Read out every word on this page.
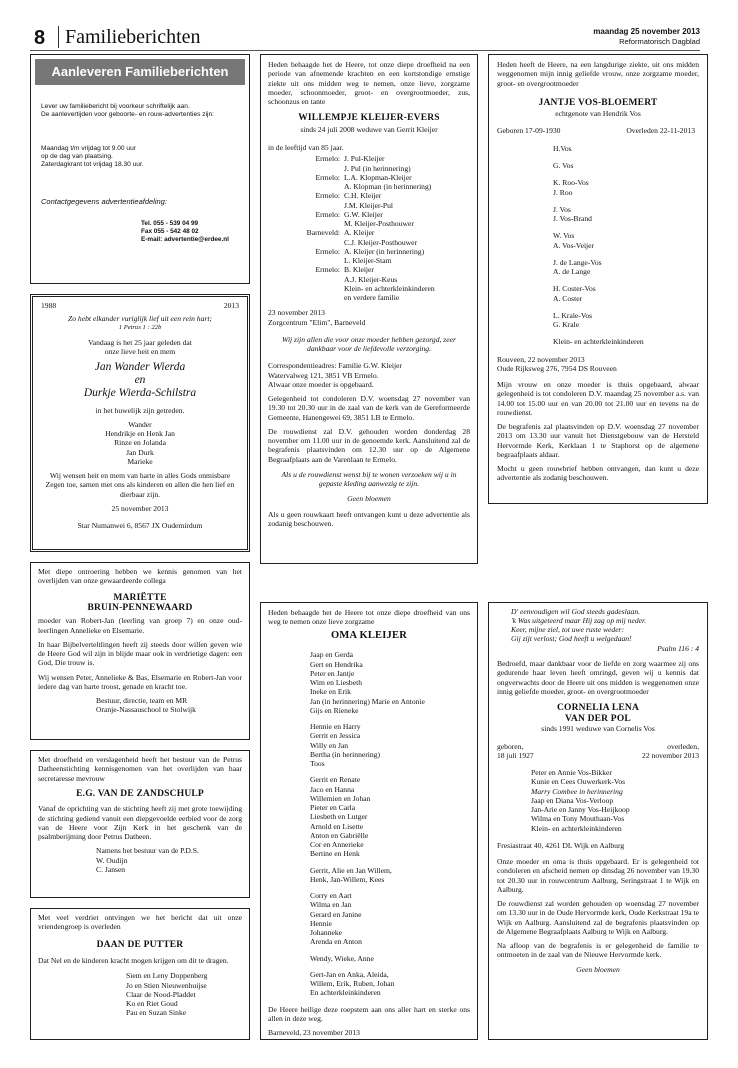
8 Familieberichten	maandag 25 november 2013
Reformatorisch Dagblad
Aanleveren Familieberichten
Lever uw familiebericht bij voorkeur schriftelijk aan.
De aanlevertijden voor geboorte- en rouw-advertenties zijn:
Maandag t/m vrijdag tot 9.00 uur
op de dag van plaatsing.
Zaterdagkrant tot vrijdag 18.30 uur.
Contactgegevens advertentieafdeling:
Tel. 055 - 539 04 99
Fax 055 - 542 48 02
E-mail: advertentie@erdee.nl
1988	2013
Zo hebt elkander vuriglijk lief uit een rein hart;
1 Petrus 1 : 22b
Vandaag is het 25 jaar geleden dat
onze lieve heit en mem
Jan Wander Wierda
en
Durkje Wierda-Schilstra
in het huwelijk zijn getreden.
Wander
Hendrikje en Henk Jan
Rinze en Jolanda
Jan Durk
Marieke
Wij wensen heit en mem van harte in alles Gods onmisbare Zegen toe, samen met ons als kinderen en allen die hen lief en dierbaar zijn.
25 november 2013
Star Numanwei 6, 8567 JX Oudemirdum
Met diepe ontroering hebben we kennis genomen van het overlijden van onze gewaardeerde collega
MARIËTTE
BRUIN-PENNEWAARD

moeder van Robert-Jan (leerling van groep 7) en onze oud-leerlingen Annelieke en Elsemarie.

In haar Bijbelverteltlingen heeft zij steeds door willen geven wie de Heere God wil zijn in blijde maar ook in verdrietige dagen: een God, Die trouw is.

Wij wensen Peter, Annelieke & Bas, Elsemarie en Robert-Jan voor iedere dag van harte troost, genade en kracht toe.

Bestuur, directie, team en MR
Oranje-Nassauschool te Stolwijk
Met droefheid en verslagenheid heeft het bestuur van de Petrus Datheenstichting kennisgenomen van het overlijden van haar secretaresse mevrouw
E.G. VAN DE ZANDSCHULP

Vanaf de oprichting van de stichting heeft zij met grote toewijding de stichting gediend vanuit een diepgevoelde eerbied voor de zorg van de Heere voor Zijn Kerk in het geschenk van de psalmberijming door Petrus Datheen.

Namens het bestuur van de P.D.S.
W. Oudijn
C. Jansen
Met veel verdriet ontvingen we het bericht dat uit onze vriendengroep is overleden
DAAN DE PUTTER

Dat Nel en de kinderen kracht mogen krijgen om dit te dragen.

Siem en Leny Doppenberg
Jo en Stien Nieuwenhuijse
Claar de Nood-Pladdet
Ko en Riet Goud
Pau en Suzan Sinke
Heden behaagde het de Heere, tot onze diepe droefheid na een periode van afnemende krachten en een kortstondige ernstige ziekte uit ons midden weg te nemen, onze lieve, zorgzame moeder, schoonmoeder, groot- en overgrootmoeder, zus, schoonzus en tante
WILLEMPJE KLEIJER-EVERS
sinds 24 juli 2008 weduwe van Gerrit Kleijer
in de leeftijd van 85 jaar.
Ermelo: J. Pul-Kleijer
J. Pul (in herinnering)
Ermelo: L.A. Klopman-Kleijer
A. Klopman (in herinnering)
Ermelo: C.H. Kleijer
J.M. Kleijer-Pul
Ermelo: G.W. Kleijer
M. Kleijer-Posthouwer
Barneveld: A. Kleijer
C.J. Kleijer-Posthouwer
Ermelo: A. Kleijer (in herinnering)
L. Kleijer-Stam
Ermelo: B. Kleijer
A.J. Kleijer-Keus
Klein- en achterkleinkinderen
en verdere familie
23 november 2013
Zorgcentrum "Elim", Barneveld
Wij zijn allen die voor onze moeder hebben gezorgd, zeer dankbaar voor de liefdevolle verzorging.
Correspondentieadres: Familie G.W. Kleijer
Watervalweg 121, 3851 VB Ermelo.
Alwaar onze moeder is opgebaard.

Gelegenheid tot condoleren D.V. woensdag 27 november van 19.30 tot 20.30 uur in de zaal van de kerk van de Gereformeerde Gemeente, Hanengewei 69, 3851 LB te Ermelo.

De rouwdienst zal D.V. gehouden worden donderdag 28 november om 11.00 uur in de genoemde kerk. Aansluitend zal de begrafenis plaatsvinden om 12.30 uur op de Algemene Begraafplaats aan de Varenlaan te Ermelo.

Als u de rouwdienst wenst bij te wonen verzoeken wij u in gepaste kleding aanwezig te zijn.
Geen bloemen
Als u geen rouwkaart heeft ontvangen kunt u deze advertentie als zodanig beschouwen.
Heden behaagde het de Heere tot onze diepe droefheid van ons weg te nemen onze lieve zorgzame
OMA KLEIJER
Jaap en Gerda
Gert en Hendrika
Peter en Jantje
Wim en Liesbeth
Ineke en Erik
Jan (in herinnering) Marie en Antonie
Gijs en Rieneke
Hennie en Harry
Gerrit en Jessica
Willy en Jan
Bertha (in herinnering)
Toos
Gerrit en Renate
Jaco en Hanna
Willemien en Johan
Pieter en Carla
Liesbeth en Lutger
Arnold en Lisette
Anton en Gabriëlle
Cor en Annerieke
Bertine en Henk
Gerrit, Alie en Jan Willem,
Henk, Jan-Willem, Kees
Corry en Aart
Wilma en Jan
Gerard en Janine
Hennie
Johanneke
Arenda en Anton
Wendy, Wieke, Anne
Gert-Jan en Anka, Aleida,
Willem, Erik, Ruben, Johan
En achterkleinkinderen

De Heere heilige deze roepstem aan ons aller hart en sterke ons allen in deze weg.

Barneveld, 23 november 2013
Heden heeft de Heere, na een langdurige ziekte, uit ons midden weggenomen mijn innig geliefde vrouw, onze zorgzame moeder, groot- en overgrootmoeder
JANTJE VOS-BLOEMERT
echtgenote van Hendrik Vos
Geboren 17-09-1930	Overleden 22-11-2013
H.Vos
G. Vos
K. Roo-Vos
J. Roo
J. Vos
J. Vos-Brand
W. Vos
A. Vos-Veijer
J. de Lange-Vos
A. de Lange
H. Coster-Vos
A. Coster
L. Krale-Vos
G. Krale
Klein- en achterkleinkinderen
Rouveen, 22 november 2013
Oude Rijksweg 276, 7954 DS Rouveen

Mijn vrouw en onze moeder is thuis opgebaard, alwaar gelegenheid is tot condoleren D.V. maandag 25 november a.s. van 14.00 tot 15.00 uur en van 20.00 tot 21.00 uur en tevens na de rouwdienst.

De begrafenis zal plaatsvinden op D.V. woensdag 27 november 2013 om 13.30 uur vanuit het Dienstgebouw van de Hersteld Hervormde Kerk, Kerklaan 1 te Staphorst op de algemene begraafplaats aldaar.

Mocht u geen rouwbrief hebben ontvangen, dan kunt u deze advertentie als zodanig beschouwen.

D' eenvoudigen wil God steeds gadeslaan.
'k Was uitgeteerd maar Hij zag op mij neder.
Keer, mijne ziel, tot uwe ruste weder:
Gij zijt verlost; God heeft u welgedaan!
Psalm 116 : 4
Bedroefd, maar dankbaar voor de liefde en zorg waarmee zij ons gedurende haar leven heeft omringd, geven wij u kennis dat ongverwachts door de Heere uit ons midden is weggenomen onze innig geliefde moeder, groot- en overgrootmoeder
CORNELIA LENA
VAN DER POL
sinds 1991 weduwe van Cornelis Vos
geboren,
18 juli 1927
overleden,
22 november 2013
Peter en Annie Vos-Bikker
Kunie en Cees Ouwerkerk-Vos
Marry Combee in herinnering
Jaap en Diana Vos-Verloop
Jan-Arie en Janny Vos-Heijkoop
Wilma en Tony Mouthaan-Vos
Klein- en achterkleinkinderen
Fresiastraat 40, 4261 DL Wijk en Aalburg

Onze moeder en oma is thuis opgebaard. Er is gelegenheid tot condoleren en afscheid nemen op dinsdag 26 november van 19.30 tot 20.30 uur in rouwcentrum Aalburg, Seringstraat 1 te Wijk en Aalburg.

De rouwdienst zal worden gehouden op woensdag 27 november om 13.30 uur in de Oude Hervormde kerk, Oude Kerkstraat 19a te Wijk en Aalburg. Aansluitend zal de begrafenis plaatsvinden op de Algemene Begraafplaats Aalburg te Wijk en Aalburg.

Na afloop van de begrafenis is er gelegenheid de familie te ontmoeten in de zaal van de Nieuwe Hervormde kerk.

Geen bloemen
